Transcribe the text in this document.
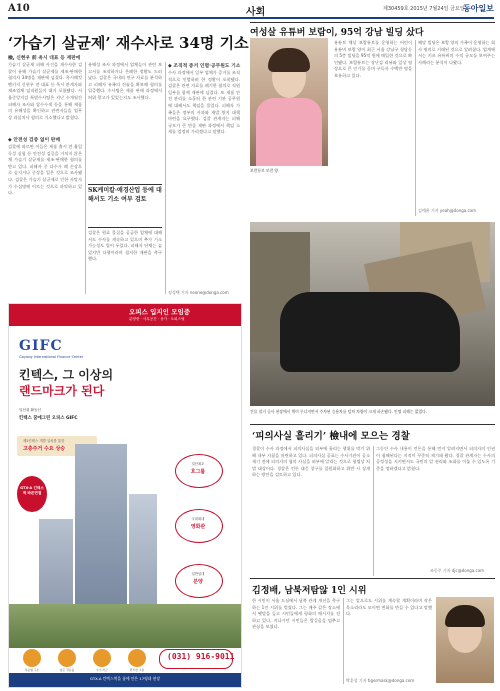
A10	사회	제30459호 2015년 7월24일 금요일
동아일보
‘가습기 살균제’ 재수사로 34명 기소
檢, 신현우 前 옥시 대표 등 재판에
가습기 살균제 피해 사건을 재수사한 검찰이 유해 가습기 살균제를 제조·판매한 혐의자 34명을 재판에 넘겼다. 옥시레킷벤키저 신현우 전 대표 등 옥시 관계자와 제조업체 임직원들이 대거 포함됐다. 서울중앙지검 특별수사팀은 지난 수개월간 피해자 조사와 압수수색 등을 통해 제품의 유해성을 확인하고 관련자들을 업무상 과실치사 혐의로 기소했다고 밝혔다.
◆ 안전성 검증 없이 판매
검찰에 따르면 이들은 제품 출시 전 흡입 독성 실험 등 안전성 검증을 거치지 않은 채 가습기 살균제를 제조·판매한 혐의를 받고 있다. 피해자 중 다수가 폐 손상으로 숨지거나 중상을 입은 것으로 조사됐다. 검찰은 가습기 살균제로 인한 사망자가 수십명에 이르는 것으로 파악하고 있다.
유해성 조사 과정에서 업체들이 관련 보고서를 조작하거나 은폐한 정황도 드러났다. 검찰은 국내외 연구 자료를 분석하고 피해자 유족의 진술을 확보해 혐의를 입증했다. 수사팀은 제품 판매 과정에서 허위 광고가 있었는지도 조사했다.
SK케미칼·애경산업 등에 대해서도 기소 여부 검토
검찰은 원료 물질을 공급한 업체에 대해서도 수사를 계속하고 있으며 추가 기소 가능성도 열어 두었다. 피해자 단체는 늦었지만 다행이라며 철저한 재판을 촉구했다.
◆ 조직적 증거 인멸·공무원도 기소
수사 과정에서 일부 업체가 증거를 조직적으로 인멸하려 한 정황이 포착됐다. 검찰은 관련 자료를 폐기한 혐의로 직원 일부를 함께 재판에 넘겼다. 또 제품 안전 관리를 소홀히 한 관련 기관 공무원에 대해서도 책임을 물었다. 피해자 가족들은 정부의 사과와 재발 방지 대책 마련을 요구했다. 검찰 관계자는 피해 규모가 큰 만큼 재판 과정에서 책임 소재를 엄정히 가리겠다고 말했다.
정성택 기자 neone@donga.com
오피스 입지인 모임중
분양중 · 사무공간 · 상가 · 오피스텔
GIFC
Goyang International Finance Center
킨텍스, 그 이상의
랜드마크가 된다
일산취 활동신
킨텍스 꿈에그린 오피스 GIFC
제2킨텍스 개발 일치를 통한
고층주거 수요 상승
GTX-A 킨텍스역 바른연결
일산최초
호그룹
국내최대
영화관
일반임대
분양
복층형 구조	넓은 전용률	우수 학군	편리한 교통
(031) 916-9011
GTX-A 킨텍스역을 품에 안은 17평대 현장
여성살 유튜버 보람이, 95억 강남 빌딩 샀다
보람튜브 보람 양
유튜브 채널 보람튜브를 운영하는 어린이 유튜버 보람 양이 최근 서울 강남구 청담동의 5층 빌딩을 95억 원에 매입한 것으로 확인됐다. 보람튜브는 장난감 리뷰와 일상 영상으로 큰 인기를 끌며 구독자 수백만 명을 보유하고 있다.
해당 빌딩은 보람 양의 가족이 운영하는 회사 명의로 거래된 것으로 알려졌다. 업계에서는 키즈 유튜버의 수익 규모를 보여주는 사례라는 분석이 나왔다.
김예윤 기자 yeah@donga.com
건물 철거 공사 현장에서 벽이 무너지면서 주차된 승용차를 덮쳐 차량이 크게 파손됐다. 인명 피해는 없었다.
‘피의사실 흘리기’ 檢내에 모으는 경찰
경찰이 수사 과정에서 피의사실을 외부에 흘리는 행위를 막기 위해 내부 지침을 마련하고 있다. 피의사실 공표는 수사기관이 공소 제기 전에 피의자의 혐의 사실을 외부에 알리는 것으로 형법상 처벌 대상이다. 경찰은 언론 대응 창구를 일원화하고 위반 시 징계하는 방안을 검토하고 있다.
그동안 수사 내용이 언론을 통해 먼저 알려지면서 피의자의 인권이 침해된다는 지적이 꾸준히 제기돼 왔다. 경찰 관계자는 수사의 공정성을 지키면서도 국민의 알 권리와 조화를 이룰 수 있도록 기준을 정하겠다고 밝혔다.
조동주 기자 djc@donga.com
김정배, 남북저탐않 1인 시위
한 시민이 서울 도심에서 남북 관계 개선을 촉구하는 1인 시위를 벌였다. 그는 매주 같은 장소에서 팻말을 들고 시민들에게 평화의 메시지를 전하고 있다. 지나가던 시민들은 발걸음을 멈추고 관심을 보였다.
그는 앞으로도 시위를 계속할 계획이라며 작은 목소리라도 모이면 변화를 만들 수 있다고 말했다.
박훈상 기자 tigermask@donga.com
